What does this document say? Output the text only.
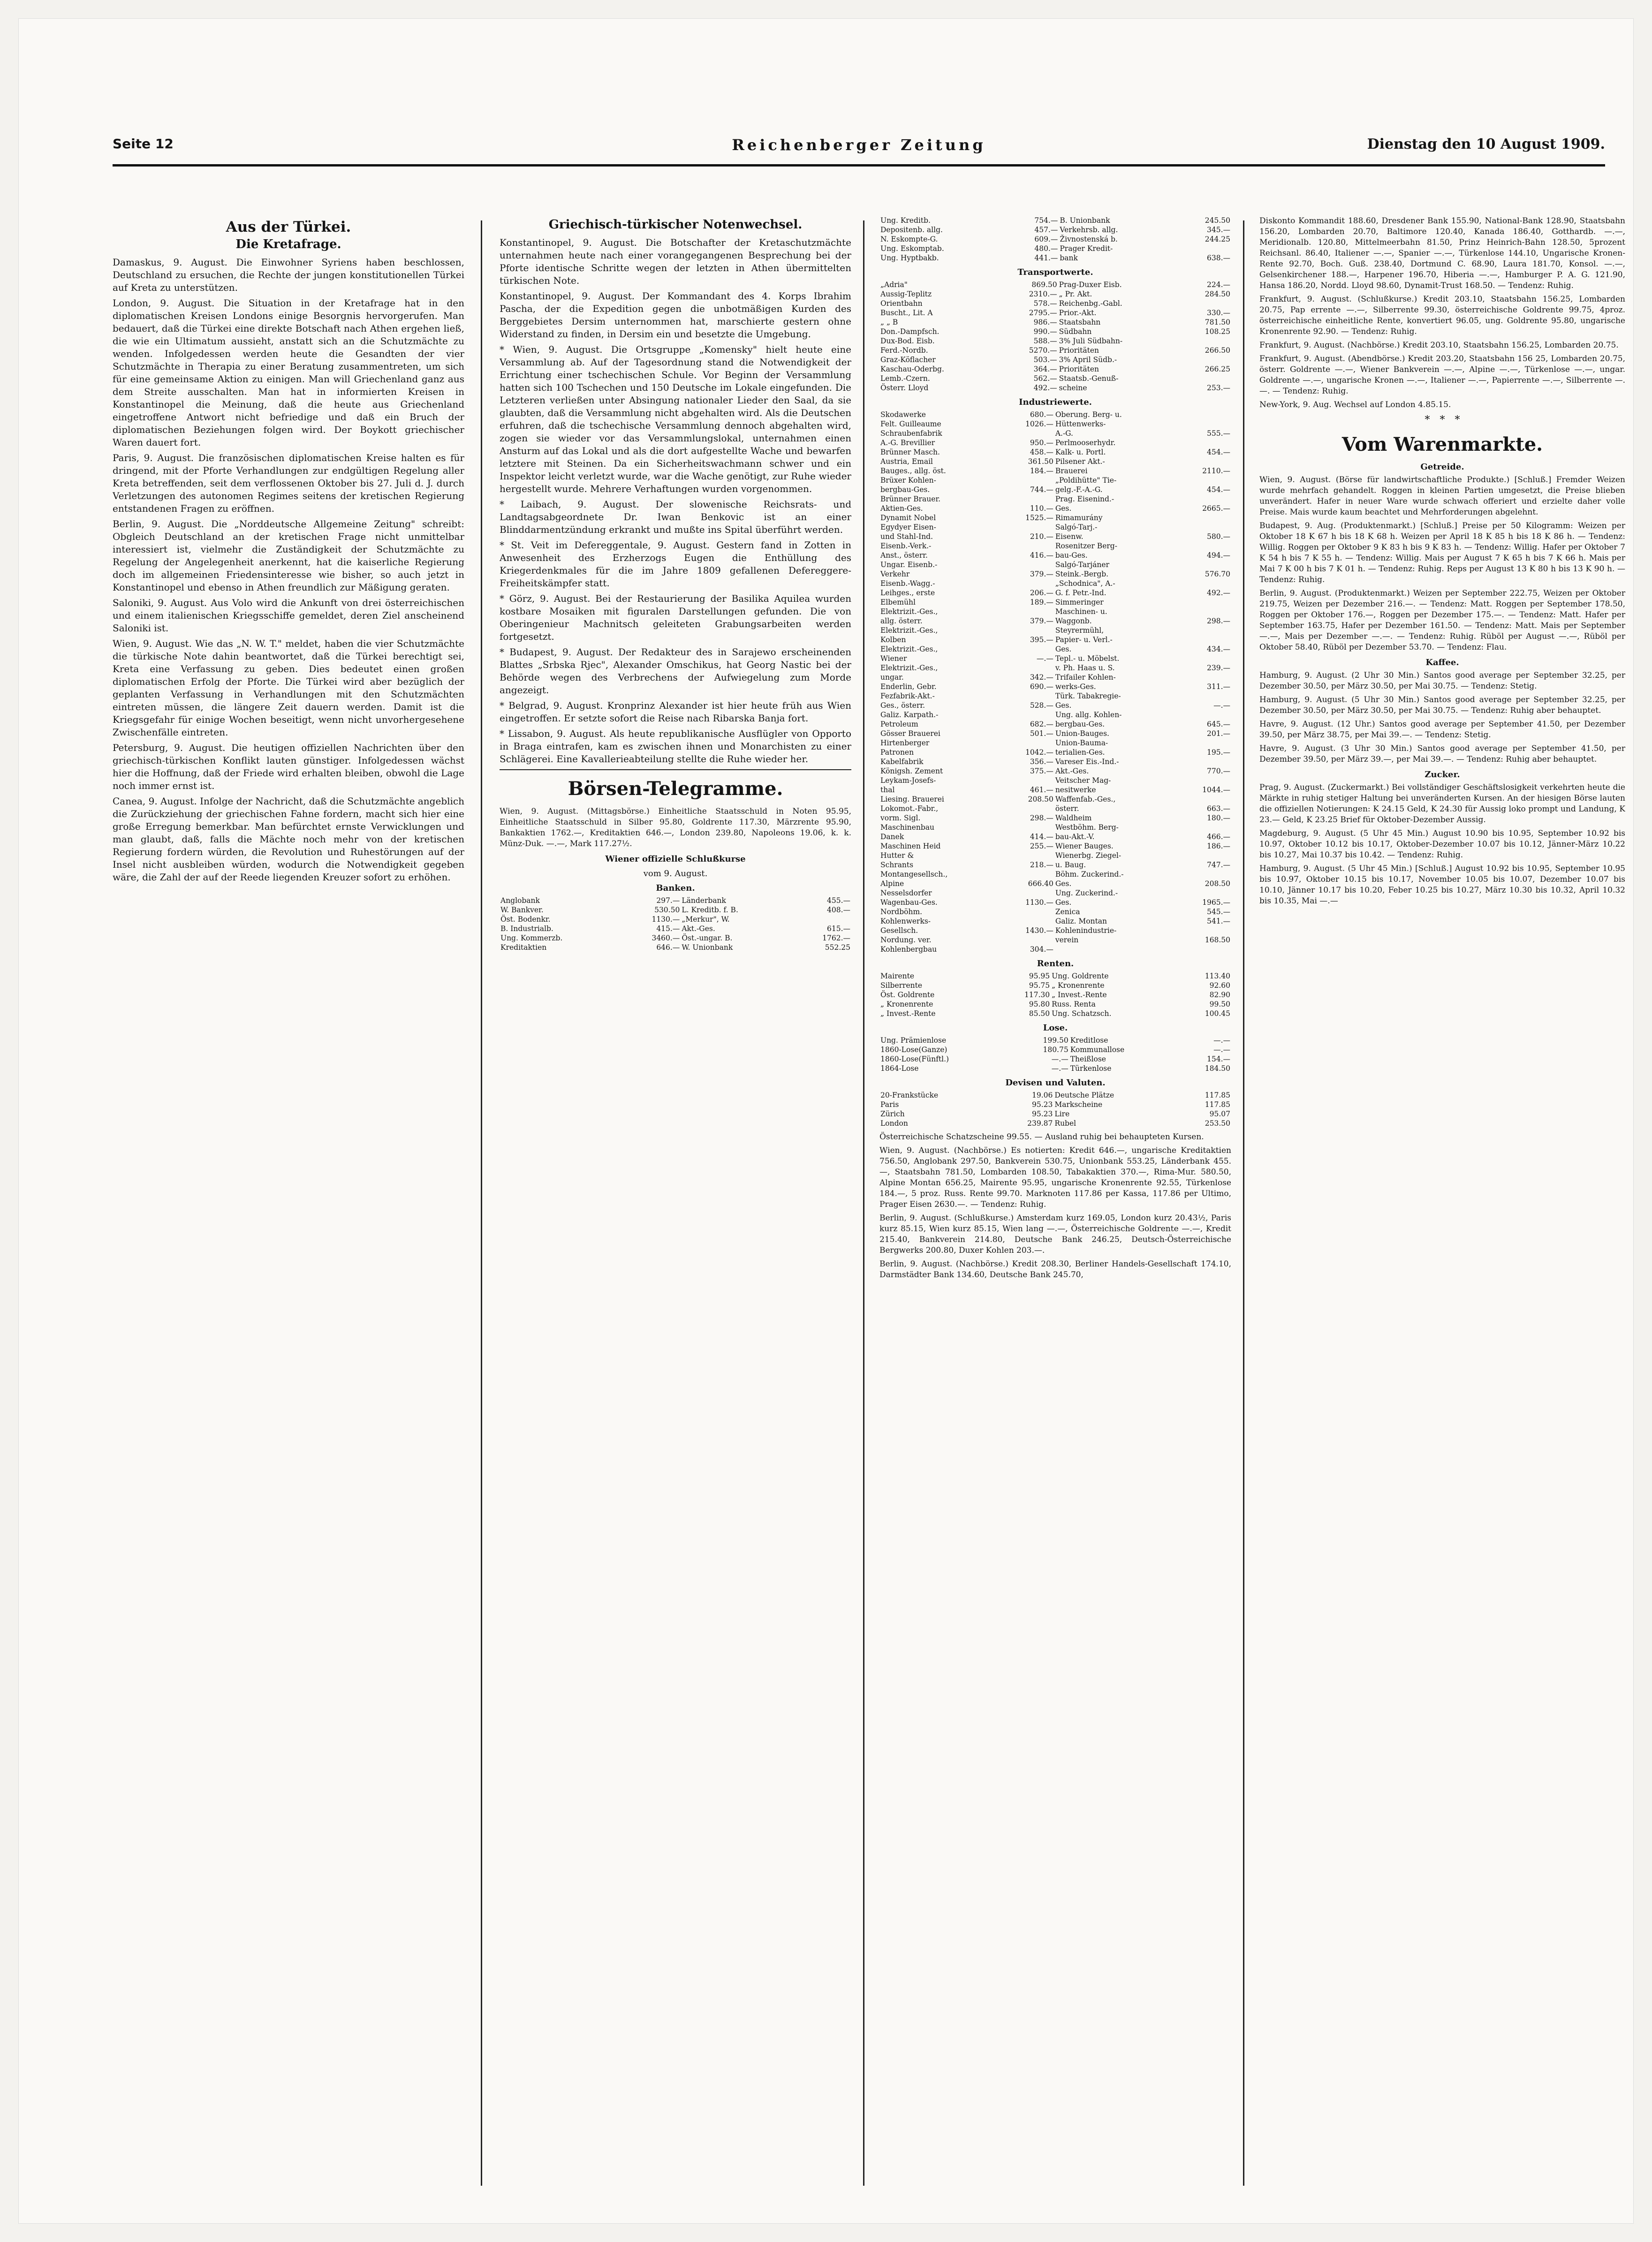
Seite 12	Reichenberger Zeitung	Dienstag den 10 August 1909.
Aus der Türkei.
Die Kretafrage.

Damaskus, 9. August. Die Einwohner Syriens haben beschlossen, Deutschland zu ersuchen, die Rechte der jungen konstitutionellen Türkei auf Kreta zu unterstützen.

London, 9. August. Die Situation in der Kretafrage hat in den diplomatischen Kreisen Londons einige Besorgnis hervorgerufen. Man bedauert, daß die Türkei eine direkte Botschaft nach Athen ergehen ließ, die wie ein Ultimatum aussieht, anstatt sich an die Schutzmächte zu wenden. Infolgedessen werden heute die Gesandten der vier Schutzmächte in Therapia zu einer Beratung zusammentreten, um sich für eine gemeinsame Aktion zu einigen. Man will Griechenland ganz aus dem Streite ausschalten. Man hat in informierten Kreisen in Konstantinopel die Meinung, daß die heute aus Griechenland eingetroffene Antwort nicht befriedige und daß ein Bruch der diplomatischen Beziehungen folgen wird. Der Boykott griechischer Waren dauert fort.

Paris, 9. August. Die französischen diplomatischen Kreise halten es für dringend, mit der Pforte Verhandlungen zur endgültigen Regelung aller Kreta betreffenden, seit dem verflossenen Oktober bis 27. Juli d. J. durch Verletzungen des autonomen Regimes seitens der kretischen Regierung entstandenen Fragen zu eröffnen.

Berlin, 9. August. Die „Norddeutsche Allgemeine Zeitung" schreibt: Obgleich Deutschland an der kretischen Frage nicht unmittelbar interessiert ist, vielmehr die Zuständigkeit der Schutzmächte zu Regelung der Angelegenheit anerkennt, hat die kaiserliche Regierung doch im allgemeinen Friedensinteresse wie bisher, so auch jetzt in Konstantinopel und ebenso in Athen freundlich zur Mäßigung geraten.

Saloniki, 9. August. Aus Volo wird die Ankunft von drei österreichischen und einem italienischen Kriegsschiffe gemeldet, deren Ziel anscheinend Saloniki ist.

Wien, 9. August. Wie das „N. W. T." meldet, haben die vier Schutzmächte die türkische Note dahin beantwortet, daß die Türkei berechtigt sei, Kreta eine Verfassung zu geben. Dies bedeutet einen großen diplomatischen Erfolg der Pforte. Die Türkei wird aber bezüglich der geplanten Verfassung in Verhandlungen mit den Schutzmächten eintreten müssen, die längere Zeit dauern werden. Damit ist die Kriegsgefahr für einige Wochen beseitigt, wenn nicht unvorhergesehene Zwischenfälle eintreten.

Petersburg, 9. August. Die heutigen offiziellen Nachrichten über den griechisch-türkischen Konflikt lauten günstiger. Infolgedessen wächst hier die Hoffnung, daß der Friede wird erhalten bleiben, obwohl die Lage noch immer ernst ist.

Canea, 9. August. Infolge der Nachricht, daß die Schutzmächte angeblich die Zurückziehung der griechischen Fahne fordern, macht sich hier eine große Erregung bemerkbar. Man befürchtet ernste Verwicklungen und man glaubt, daß, falls die Mächte noch mehr von der kretischen Regierung fordern würden, die Revolution und Ruhestörungen auf der Insel nicht ausbleiben würden, wodurch die Notwendigkeit gegeben wäre, die Zahl der auf der Reede liegenden Kreuzer sofort zu erhöhen.

Griechisch-türkischer Notenwechsel.

Konstantinopel, 9. August. Die Botschafter der Kretaschutzmächte unternahmen heute nach einer vorangegangenen Besprechung bei der Pforte identische Schritte wegen der letzten in Athen übermittelten türkischen Note.

Konstantinopel, 9. August. Der Kommandant des 4. Korps Ibrahim Pascha, der die Expedition gegen die unbotmäßigen Kurden des Berggebietes Dersim unternommen hat, marschierte gestern ohne Widerstand zu finden, in Dersim ein und besetzte die Umgebung.

* Wien, 9. August. Die Ortsgruppe „Komensky" hielt heute eine Versammlung ab. Auf der Tagesordnung stand die Notwendigkeit der Errichtung einer tschechischen Schule. Vor Beginn der Versammlung hatten sich 100 Tschechen und 150 Deutsche im Lokale eingefunden. Die Letzteren verließen unter Absingung nationaler Lieder den Saal, da sie glaubten, daß die Versammlung nicht abgehalten wird. Als die Deutschen erfuhren, daß die tschechische Versammlung dennoch abgehalten wird, zogen sie wieder vor das Versammlungslokal, unternahmen einen Ansturm auf das Lokal und als die dort aufgestellte Wache und bewarfen letztere mit Steinen. Da ein Sicherheitswachmann schwer und ein Inspektor leicht verletzt wurde, war die Wache genötigt, zur Ruhe wieder hergestellt wurde. Mehrere Verhaftungen wurden vorgenommen.

* Laibach, 9. August. Der slowenische Reichsrats- und Landtagsabgeordnete Dr. Iwan Benkovic ist an einer Blinddarmentzündung erkrankt und mußte ins Spital überführt werden.

* St. Veit im Defereggentale, 9. August. Gestern fand in Zotten in Anwesenheit des Erzherzogs Eugen die Enthüllung des Kriegerdenkmales für die im Jahre 1809 gefallenen Defereggere-Freiheitskämpfer statt.

* Görz, 9. August. Bei der Restaurierung der Basilika Aquilea wurden kostbare Mosaiken mit figuralen Darstellungen gefunden. Die von Oberingenieur Machnitsch geleiteten Grabungsarbeiten werden fortgesetzt.

* Budapest, 9. August. Der Redakteur des in Sarajewo erscheinenden Blattes „Srbska Rjec", Alexander Omschikus, hat Georg Nastic bei der Behörde wegen des Verbrechens der Aufwiegelung zum Morde angezeigt.

* Belgrad, 9. August. Kronprinz Alexander ist hier heute früh aus Wien eingetroffen. Er setzte sofort die Reise nach Ribarska Banja fort.

* Lissabon, 9. August. Als heute republikanische Ausflügler von Opporto in Braga eintrafen, kam es zwischen ihnen und Monarchisten zu einer Schlägerei. Eine Kavallerieabteilung stellte die Ruhe wieder her.

Börsen-Telegramme.

Wien, 9. August. (Mittagsbörse.) Einheitliche Staatsschuld in Noten 95.95, Einheitliche Staatsschuld in Silber 95.80, Goldrente 117.30, Märzrente 95.90, Bankaktien 1762.—, Kreditaktien 646.—, London 239.80, Napoleons 19.06, k. k. Münz-Duk. —.—, Mark 117.27½.

Wiener offizielle Schlußkurse
vom 9. August.
Banken.
Anglobank	297.—	Länderbank	455.—
W. Bankver.	530.50	L. Kreditb. f. B.	408.—
Öst. Bodenkr.	1130.—	„Merkur", W.	
B. Industrialb.	415.—	Akt.-Ges.	615.—
Ung. Kommerzb.	3460.—	Öst.-ungar. B.	1762.—
Kreditaktien	646.—	W. Unionbank	552.25
Ung. Kreditb.	754.—	B. Unionbank	245.50
Depositenb. allg.	457.—	Verkehrsb. allg.	345.—
N. Eskompte-G.	609.—	Živnostenská b.	244.25
Ung. Eskomptab.	480.—	Prager Kredit-	
Ung. Hyptbakb.	441.—	bank	638.—
Transportwerte.
„Adria"	869.50	Prag-Duxer Eisb.	224.—
Aussig-Teplitz	2310.—	„ Pr. Akt.	284.50
Orientbahn	578.—	Reichenbg.-Gabl.	
Buscht., Lit. A	2795.—	Prior.-Akt.	330.—
„ „ B	986.—	Staatsbahn	781.50
Don.-Dampfsch.	990.—	Südbahn	108.25
Dux-Bod. Eisb.	588.—	3% Juli Südbahn-	
Ferd.-Nordb.	5270.—	Prioritäten	266.50
Graz-Köflacher	503.—	3% April Südb.-	
Kaschau-Oderbg.	364.—	Prioritäten	266.25
Lemb.-Czern.	562.—	Staatsb.-Genuß-	
Österr. Lloyd	492.—	scheine	253.—
Industriewerte.
Skodawerke	680.—	Oberung. Berg- u.	
Felt. Guilleaume	1026.—	Hüttenwerks-	
Schraubenfabrik		A.-G.	555.—
A.-G. Brevillier	950.—	Perlmooserhydr.	
Brünner Masch.	458.—	Kalk- u. Portl.	454.—
Austria, Email	361.50	Pilsener Akt.-	
Bauges., allg. öst.	184.—	Brauerei	2110.—
Brüxer Kohlen-		„Poldihütte" Tie-	
bergbau-Ges.	744.—	gelg.-F.-A.-G.	454.—
Brünner Brauer.		Prag. Eisenind.-	
Aktien-Ges.	110.—	Ges.	2665.—
Dynamit Nobel	1525.—	Rimamurány	
Egydyer Eisen-		Salgó-Tarj.-	
und Stahl-Ind.	210.—	Eisenw.	580.—
Eisenb.-Verk.-		Rosenitzer Berg-	
Anst., österr.	416.—	bau-Ges.	494.—
Ungar. Eisenb.-		Salgó-Tarjáner	
Verkehr	379.—	Steink.-Bergb.	576.70
Eisenb.-Wagg.-		„Schodnica", A.-	
Leihges., erste	206.—	G. f. Petr.-Ind.	492.—
Elbemühl	189.—	Simmeringer	
Elektrizit.-Ges.,		Maschinen- u.	
allg. österr.	379.—	Waggonb.	298.—
Elektrizit.-Ges.,		Steyrermühl,	
Kolben	395.—	Papier- u. Verl.-	
Elektrizit.-Ges.,		Ges.	434.—
Wiener	—.—	Tepl.- u. Möbelst.	
Elektrizit.-Ges.,		v. Ph. Haas u. S.	239.—
ungar.	342.—	Trifailer Kohlen-	
Enderlin, Gebr.	690.—	werks-Ges.	311.—
Fezfabrik-Akt.-		Türk. Tabakregie-	
Ges., österr.	528.—	Ges.	—.—
Galiz. Karpath.-		Ung. allg. Kohlen-	
Petroleum	682.—	bergbau-Ges.	645.—
Gösser Brauerei	501.—	Union-Bauges.	201.—
Hirtenberger		Union-Bauma-	
Patronen	1042.—	terialien-Ges.	195.—
Kabelfabrik	356.—	Vareser Eis.-Ind.-	
Königsh. Zement	375.—	Akt.-Ges.	770.—
Leykam-Josefs-		Veitscher Mag-	
thal	461.—	nesitwerke	1044.—
Liesing. Brauerei	208.50	Waffenfab.-Ges.,	
Lokomot.-Fabr.,		österr.	663.—
vorm. Sigl.	298.—	Waldheim	180.—
Maschinenbau		Westböhm. Berg-	
Danek	414.—	bau-Akt.-V.	466.—
Maschinen Heid	255.—	Wiener Bauges.	186.—
Hutter &		Wienerbg. Ziegel-	
Schrants	218.—	u. Baug.	747.—
Montangesellsch.,		Böhm. Zuckerind.-	
Alpine	666.40	Ges.	208.50
Nesselsdorfer		Ung. Zuckerind.-	
Wagenbau-Ges.	1130.—	Ges.	1965.—
Nordböhm.		Zenica	545.—
Kohlenwerks-		Galiz. Montan	541.—
Gesellsch.	1430.—	Kohlenindustrie-	
Nordung. ver.		verein	168.50
Kohlenbergbau	304.—		
Renten.
Mairente	95.95	Ung. Goldrente	113.40
Silberrente	95.75	„ Kronenrente	92.60
Öst. Goldrente	117.30	„ Invest.-Rente	82.90
„ Kronenrente	95.80	Russ. Renta	99.50
„ Invest.-Rente	85.50	Ung. Schatzsch.	100.45
Lose.
Ung. Prämienlose	199.50	Kreditlose	—.—
1860-Lose(Ganze)	180.75	Kommunallose	—.—
1860-Lose(Fünftl.)	—.—	Theißlose	154.—
1864-Lose	—.—	Türkenlose	184.50
Devisen und Valuten.
20-Frankstücke	19.06	Deutsche Plätze	117.85
Paris	95.23	Markscheine	117.85
Zürich	95.23	Lire	95.07
London	239.87	Rubel	253.50

Österreichische Schatzscheine 99.55. — Ausland ruhig bei behaupteten Kursen.

Wien, 9. August. (Nachbörse.) Es notierten: Kredit 646.—, ungarische Kreditaktien 756.50, Anglobank 297.50, Bankverein 530.75, Unionbank 553.25, Länderbank 455.—, Staatsbahn 781.50, Lombarden 108.50, Tabakaktien 370.—, Rima-Mur. 580.50, Alpine Montan 656.25, Mairente 95.95, ungarische Kronenrente 92.55, Türkenlose 184.—, 5 proz. Russ. Rente 99.70. Marknoten 117.86 per Kassa, 117.86 per Ultimo, Prager Eisen 2630.—. — Tendenz: Ruhig.

Berlin, 9. August. (Schlußkurse.) Amsterdam kurz 169.05, London kurz 20.43½, Paris kurz 85.15, Wien kurz 85.15, Wien lang —.—, Österreichische Goldrente —.—, Kredit 215.40, Bankverein 214.80, Deutsche Bank 246.25, Deutsch-Österreichische Bergwerks 200.80, Duxer Kohlen 203.—.

Berlin, 9. August. (Nachbörse.) Kredit 208.30, Berliner Handels-Gesellschaft 174.10, Darmstädter Bank 134.60, Deutsche Bank 245.70,

Diskonto Kommandit 188.60, Dresdener Bank 155.90, National-Bank 128.90, Staatsbahn 156.20, Lombarden 20.70, Baltimore 120.40, Kanada 186.40, Gotthardb. —.—, Meridionalb. 120.80, Mittelmeerbahn 81.50, Prinz Heinrich-Bahn 128.50, 5prozent Reichsanl. 86.40, Italiener —.—, Spanier —.—, Türkenlose 144.10, Ungarische Kronen-Rente 92.70, Boch. Guß. 238.40, Dortmund C. 68.90, Laura 181.70, Konsol. —.—, Gelsenkirchener 188.—, Harpener 196.70, Hiberia —.—, Hamburger P. A. G. 121.90, Hansa 186.20, Nordd. Lloyd 98.60, Dynamit-Trust 168.50. — Tendenz: Ruhig.

Frankfurt, 9. August. (Schlußkurse.) Kredit 203.10, Staatsbahn 156.25, Lombarden 20.75, Pap errente —.—, Silberrente 99.30, österreichische Goldrente 99.75, 4proz. österreichische einheitliche Rente, konvertiert 96.05, ung. Goldrente 95.80, ungarische Kronenrente 92.90. — Tendenz: Ruhig.

Frankfurt, 9. August. (Nachbörse.) Kredit 203.10, Staatsbahn 156.25, Lombarden 20.75.

Frankfurt, 9. August. (Abendbörse.) Kredit 203.20, Staatsbahn 156 25, Lombarden 20.75, österr. Goldrente —.—, Wiener Bankverein —.—, Alpine —.—, Türkenlose —.—, ungar. Goldrente —.—, ungarische Kronen —.—, Italiener —.—, Papierrente —.—, Silberrente —.—. — Tendenz: Ruhig.

New-York, 9. Aug. Wechsel auf London 4.85.15.

*   *   *
Vom Warenmarkte.
Getreide.

Wien, 9. August. (Börse für landwirtschaftliche Produkte.) [Schluß.] Fremder Weizen wurde mehrfach gehandelt. Roggen in kleinen Partien umgesetzt, die Preise blieben unverändert. Hafer in neuer Ware wurde schwach offeriert und erzielte daher volle Preise. Mais wurde kaum beachtet und Mehrforderungen abgelehnt.

Budapest, 9. Aug. (Produktenmarkt.) [Schluß.] Preise per 50 Kilogramm: Weizen per Oktober 18 K 67 h bis 18 K 68 h. Weizen per April 18 K 85 h bis 18 K 86 h. — Tendenz: Willig. Roggen per Oktober 9 K 83 h bis 9 K 83 h. — Tendenz: Willig. Hafer per Oktober 7 K 54 h bis 7 K 55 h. — Tendenz: Willig. Mais per August 7 K 65 h bis 7 K 66 h. Mais per Mai 7 K 00 h bis 7 K 01 h. — Tendenz: Ruhig. Reps per August 13 K 80 h bis 13 K 90 h. — Tendenz: Ruhig.

Berlin, 9. August. (Produktenmarkt.) Weizen per September 222.75, Weizen per Oktober 219.75, Weizen per Dezember 216.—. — Tendenz: Matt. Roggen per September 178.50, Roggen per Oktober 176.—, Roggen per Dezember 175.—. — Tendenz: Matt. Hafer per September 163.75, Hafer per Dezember 161.50. — Tendenz: Matt. Mais per September —.—, Mais per Dezember —.—. — Tendenz: Ruhig. Rüböl per August —.—, Rüböl per Oktober 58.40, Rüböl per Dezember 53.70. — Tendenz: Flau.

Kaffee.

Hamburg, 9. August. (2 Uhr 30 Min.) Santos good average per September 32.25, per Dezember 30.50, per März 30.50, per Mai 30.75. — Tendenz: Stetig.

Hamburg, 9. August. (5 Uhr 30 Min.) Santos good average per September 32.25, per Dezember 30.50, per März 30.50, per Mai 30.75. — Tendenz: Ruhig aber behauptet.

Havre, 9. August. (12 Uhr.) Santos good average per September 41.50, per Dezember 39.50, per März 38.75, per Mai 39.—. — Tendenz: Stetig.

Havre, 9. August. (3 Uhr 30 Min.) Santos good average per September 41.50, per Dezember 39.50, per März 39.—, per Mai 39.—. — Tendenz: Ruhig aber behauptet.

Zucker.

Prag, 9. August. (Zuckermarkt.) Bei vollständiger Geschäftslosigkeit verkehrten heute die Märkte in ruhig stetiger Haltung bei unveränderten Kursen. An der hiesigen Börse lauten die offiziellen Notierungen: K 24.15 Geld, K 24.30 für Aussig loko prompt und Landung, K 23.— Geld, K 23.25 Brief für Oktober-Dezember Aussig.

Magdeburg, 9. August. (5 Uhr 45 Min.) August 10.90 bis 10.95, September 10.92 bis 10.97, Oktober 10.12 bis 10.17, Oktober-Dezember 10.07 bis 10.12, Jänner-März 10.22 bis 10.27, Mai 10.37 bis 10.42. — Tendenz: Ruhig.

Hamburg, 9. August. (5 Uhr 45 Min.) [Schluß.] August 10.92 bis 10.95, September 10.95 bis 10.97, Oktober 10.15 bis 10.17, November 10.05 bis 10.07, Dezember 10.07 bis 10.10, Jänner 10.17 bis 10.20, Feber 10.25 bis 10.27, März 10.30 bis 10.32, April 10.32 bis 10.35, Mai —.—
